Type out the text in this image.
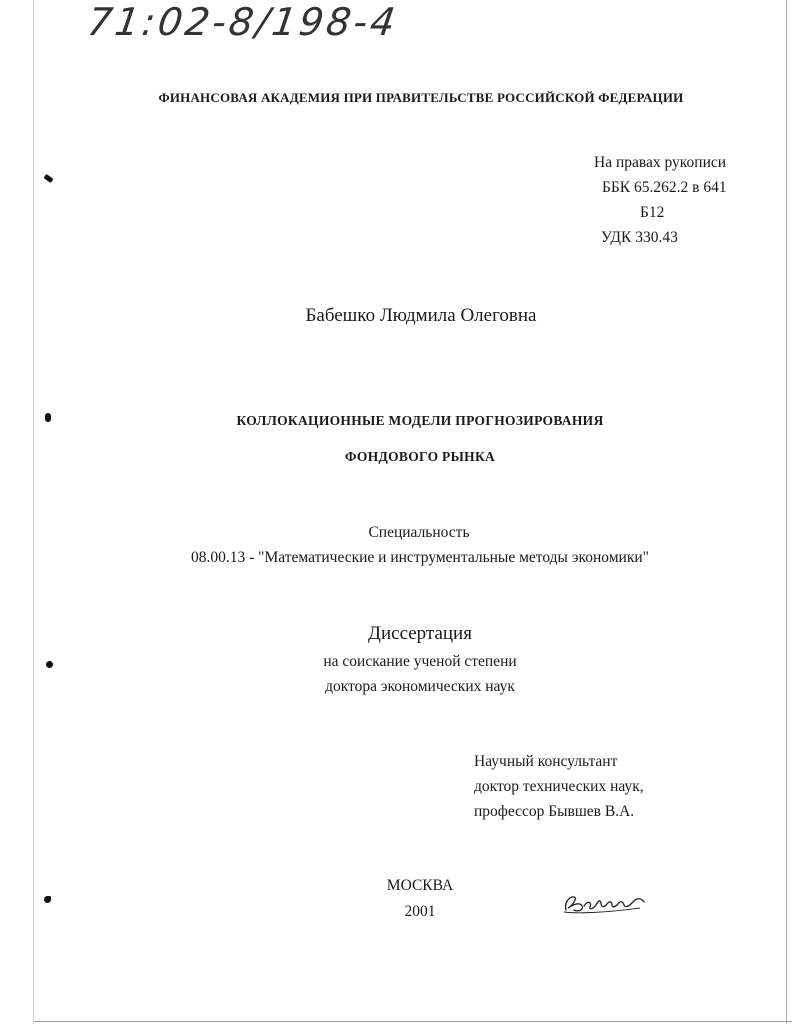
71:02-8/198-4
ФИНАНСОВАЯ АКАДЕМИЯ ПРИ ПРАВИТЕЛЬСТВЕ РОССИЙСКОЙ ФЕДЕРАЦИИ
На правах рукописи
ББК 65.262.2 в 641
Б12
УДК 330.43
Бабешко Людмила Олеговна
КОЛЛОКАЦИОННЫЕ МОДЕЛИ ПРОГНОЗИРОВАНИЯ
ФОНДОВОГО РЫНКА
Специальность
08.00.13 - "Математические и инструментальные методы экономики"
Диссертация
на соискание ученой степени
доктора экономических наук
Научный консультант
доктор технических наук,
профессор Бывшев В.А.
МОСКВА
2001
